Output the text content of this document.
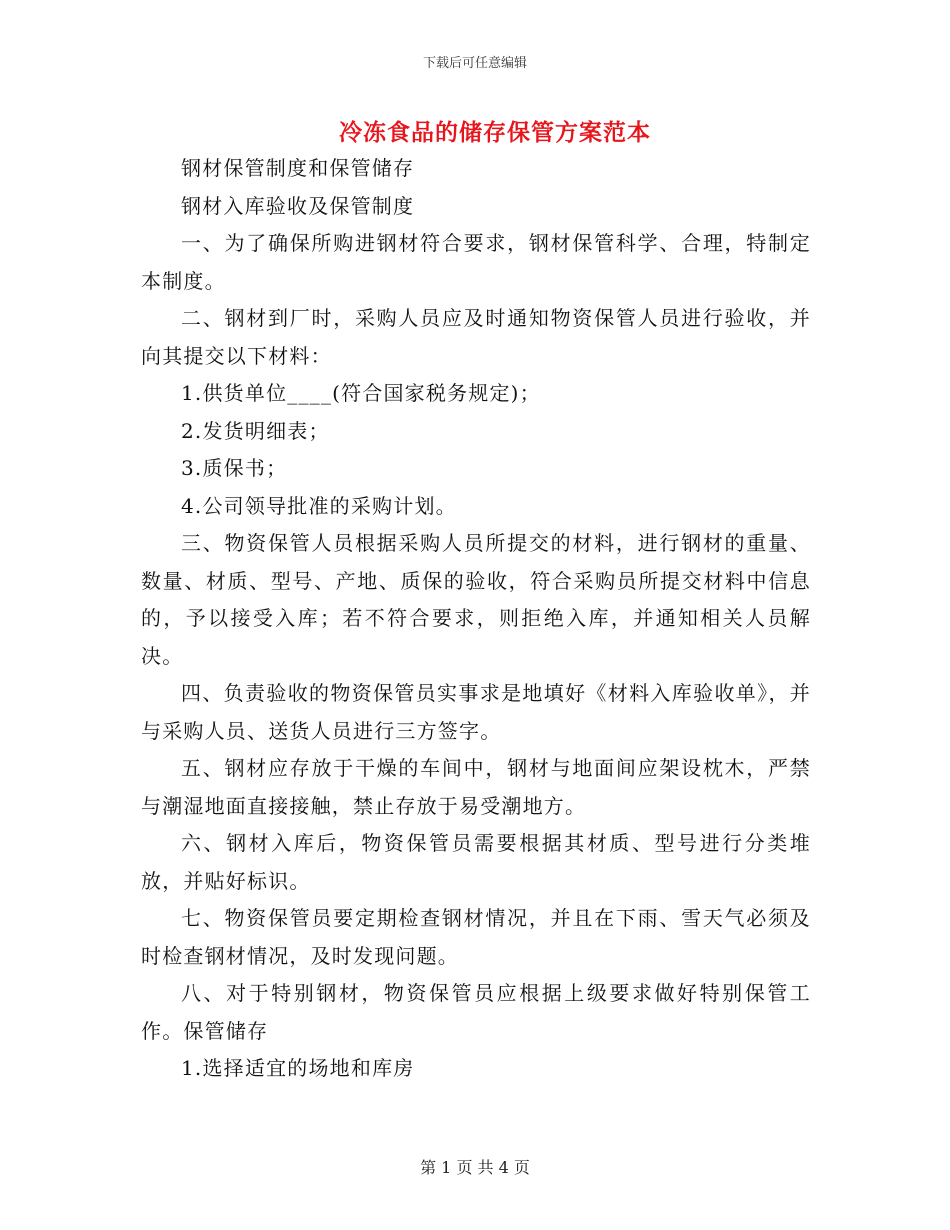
下载后可任意编辑
冷冻食品的储存保管方案范本

钢材保管制度和保管储存

钢材入库验收及保管制度

一、为了确保所购进钢材符合要求，钢材保管科学、合理，特制定本制度。

二、钢材到厂时，采购人员应及时通知物资保管人员进行验收，并向其提交以下材料：

1.供货单位____(符合国家税务规定)；

2.发货明细表；

3.质保书；

4.公司领导批准的采购计划。

三、物资保管人员根据采购人员所提交的材料，进行钢材的重量、数量、材质、型号、产地、质保的验收，符合采购员所提交材料中信息的，予以接受入库；若不符合要求，则拒绝入库，并通知相关人员解决。

四、负责验收的物资保管员实事求是地填好《材料入库验收单》，并与采购人员、送货人员进行三方签字。

五、钢材应存放于干燥的车间中，钢材与地面间应架设枕木，严禁与潮湿地面直接接触，禁止存放于易受潮地方。

六、钢材入库后，物资保管员需要根据其材质、型号进行分类堆放，并贴好标识。

七、物资保管员要定期检查钢材情况，并且在下雨、雪天气必须及时检查钢材情况，及时发现问题。

八、对于特别钢材，物资保管员应根据上级要求做好特别保管工作。保管储存

1.选择适宜的场地和库房

第 1 页 共 4 页
